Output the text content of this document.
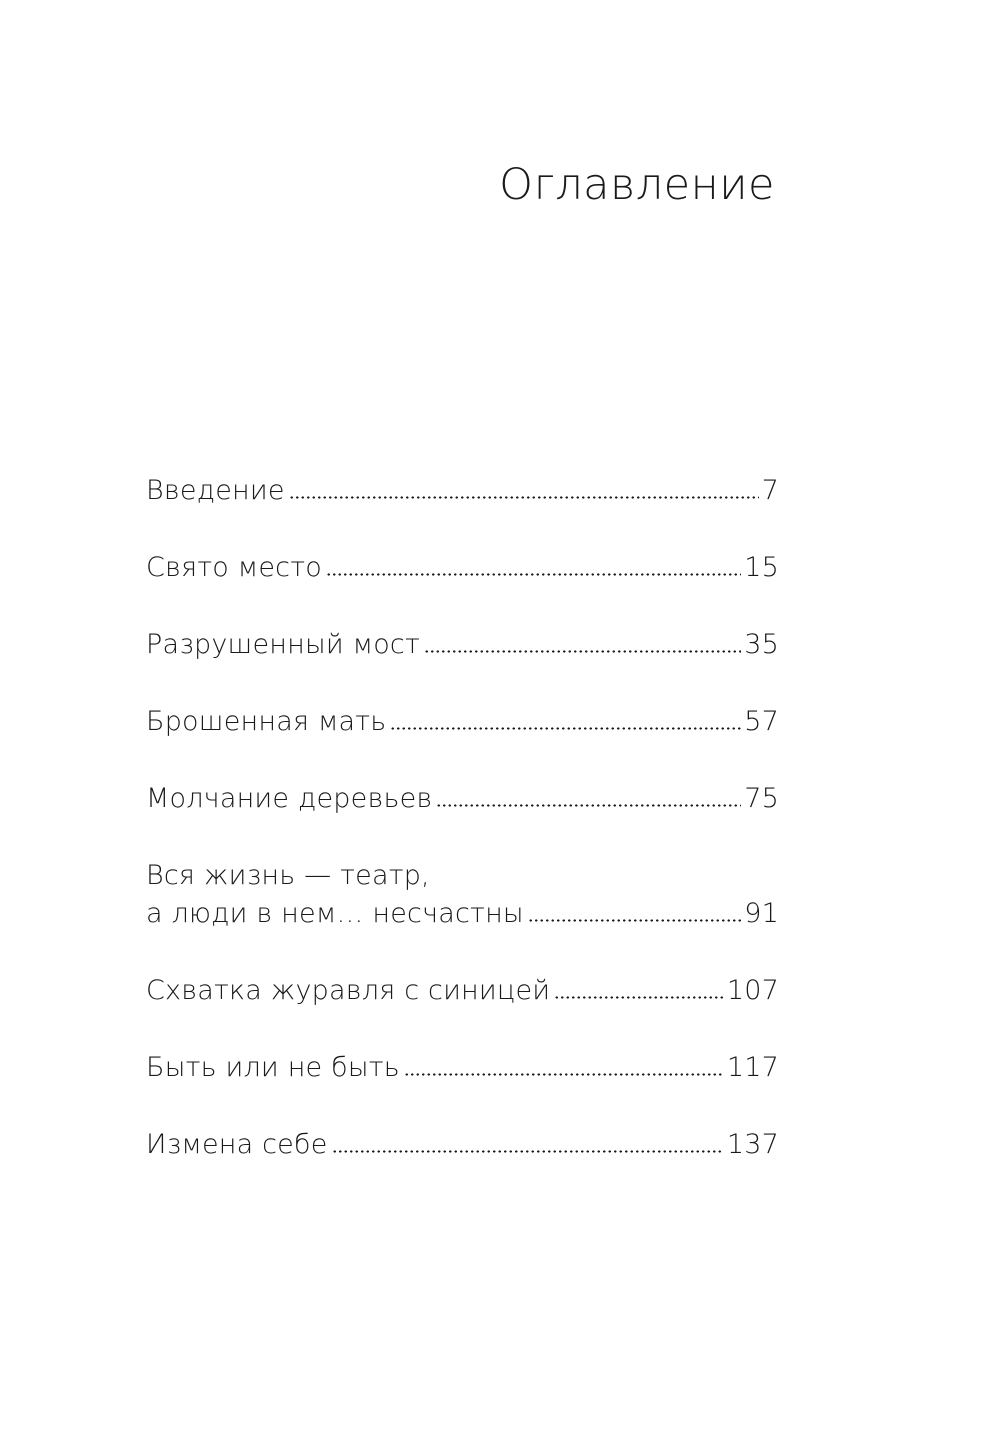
Оглавление
Введение	7
Свято место	15
Разрушенный мост	35
Брошенная мать	57
Молчание деревьев	75
Вся жизнь — театр,
а люди в нем… несчастны	91
Схватка журавля с синицей	107
Быть или не быть	117
Измена себе	137
